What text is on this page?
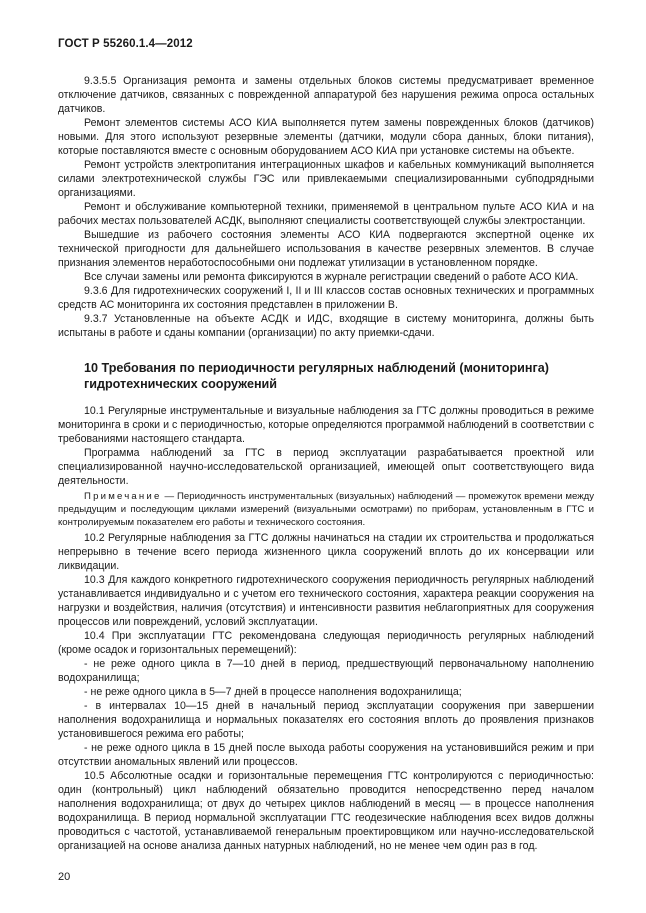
ГОСТ Р 55260.1.4—2012

9.3.5.5 Организация ремонта и замены отдельных блоков системы предусматривает временное отключение датчиков, связанных с поврежденной аппаратурой без нарушения режима опроса остальных датчиков.

Ремонт элементов системы АСО КИА выполняется путем замены поврежденных блоков (датчиков) новыми. Для этого используют резервные элементы (датчики, модули сбора данных, блоки питания), которые поставляются вместе с основным оборудованием АСО КИА при установке системы на объекте.

Ремонт устройств электропитания интеграционных шкафов и кабельных коммуникаций выполняется силами электротехнической службы ГЭС или привлекаемыми специализированными субподрядными организациями.

Ремонт и обслуживание компьютерной техники, применяемой в центральном пульте АСО КИА и на рабочих местах пользователей АСДК, выполняют специалисты соответствующей службы электростанции.

Вышедшие из рабочего состояния элементы АСО КИА подвергаются экспертной оценке их технической пригодности для дальнейшего использования в качестве резервных элементов. В случае признания элементов неработоспособными они подлежат утилизации в установленном порядке.

Все случаи замены или ремонта фиксируются в журнале регистрации сведений о работе АСО КИА.

9.3.6 Для гидротехнических сооружений I, II и III классов состав основных технических и программных средств АС мониторинга их состояния представлен в приложении В.

9.3.7 Установленные на объекте АСДК и ИДС, входящие в систему мониторинга, должны быть испытаны в работе и сданы компании (организации) по акту приемки-сдачи.

10 Требования по периодичности регулярных наблюдений (мониторинга) гидротехнических сооружений

10.1 Регулярные инструментальные и визуальные наблюдения за ГТС должны проводиться в режиме мониторинга в сроки и с периодичностью, которые определяются программой наблюдений в соответствии с требованиями настоящего стандарта.

Программа наблюдений за ГТС в период эксплуатации разрабатывается проектной или специализированной научно-исследовательской организацией, имеющей опыт соответствующего вида деятельности.

Примечание — Периодичность инструментальных (визуальных) наблюдений — промежуток времени между предыдущим и последующим циклами измерений (визуальными осмотрами) по приборам, установленным в ГТС и контролируемым показателем его работы и технического состояния.

10.2 Регулярные наблюдения за ГТС должны начинаться на стадии их строительства и продолжаться непрерывно в течение всего периода жизненного цикла сооружений вплоть до их консервации или ликвидации.

10.3 Для каждого конкретного гидротехнического сооружения периодичность регулярных наблюдений устанавливается индивидуально и с учетом его технического состояния, характера реакции сооружения на нагрузки и воздействия, наличия (отсутствия) и интенсивности развития неблагоприятных для сооружения процессов или повреждений, условий эксплуатации.

10.4 При эксплуатации ГТС рекомендована следующая периодичность регулярных наблюдений (кроме осадок и горизонтальных перемещений):

- не реже одного цикла в 7—10 дней в период, предшествующий первоначальному наполнению водохранилища;

- не реже одного цикла в 5—7 дней в процессе наполнения водохранилища;

- в интервалах 10—15 дней в начальный период эксплуатации сооружения при завершении наполнения водохранилища и нормальных показателях его состояния вплоть до проявления признаков установившегося режима его работы;

- не реже одного цикла в 15 дней после выхода работы сооружения на установившийся режим и при отсутствии аномальных явлений или процессов.

10.5 Абсолютные осадки и горизонтальные перемещения ГТС контролируются с периодичностью: один (контрольный) цикл наблюдений обязательно проводится непосредственно перед началом наполнения водохранилища; от двух до четырех циклов наблюдений в месяц — в процессе наполнения водохранилища. В период нормальной эксплуатации ГТС геодезические наблюдения всех видов должны проводиться с частотой, устанавливаемой генеральным проектировщиком или научно-исследовательской организацией на основе анализа данных натурных наблюдений, но не менее чем один раз в год.

20
